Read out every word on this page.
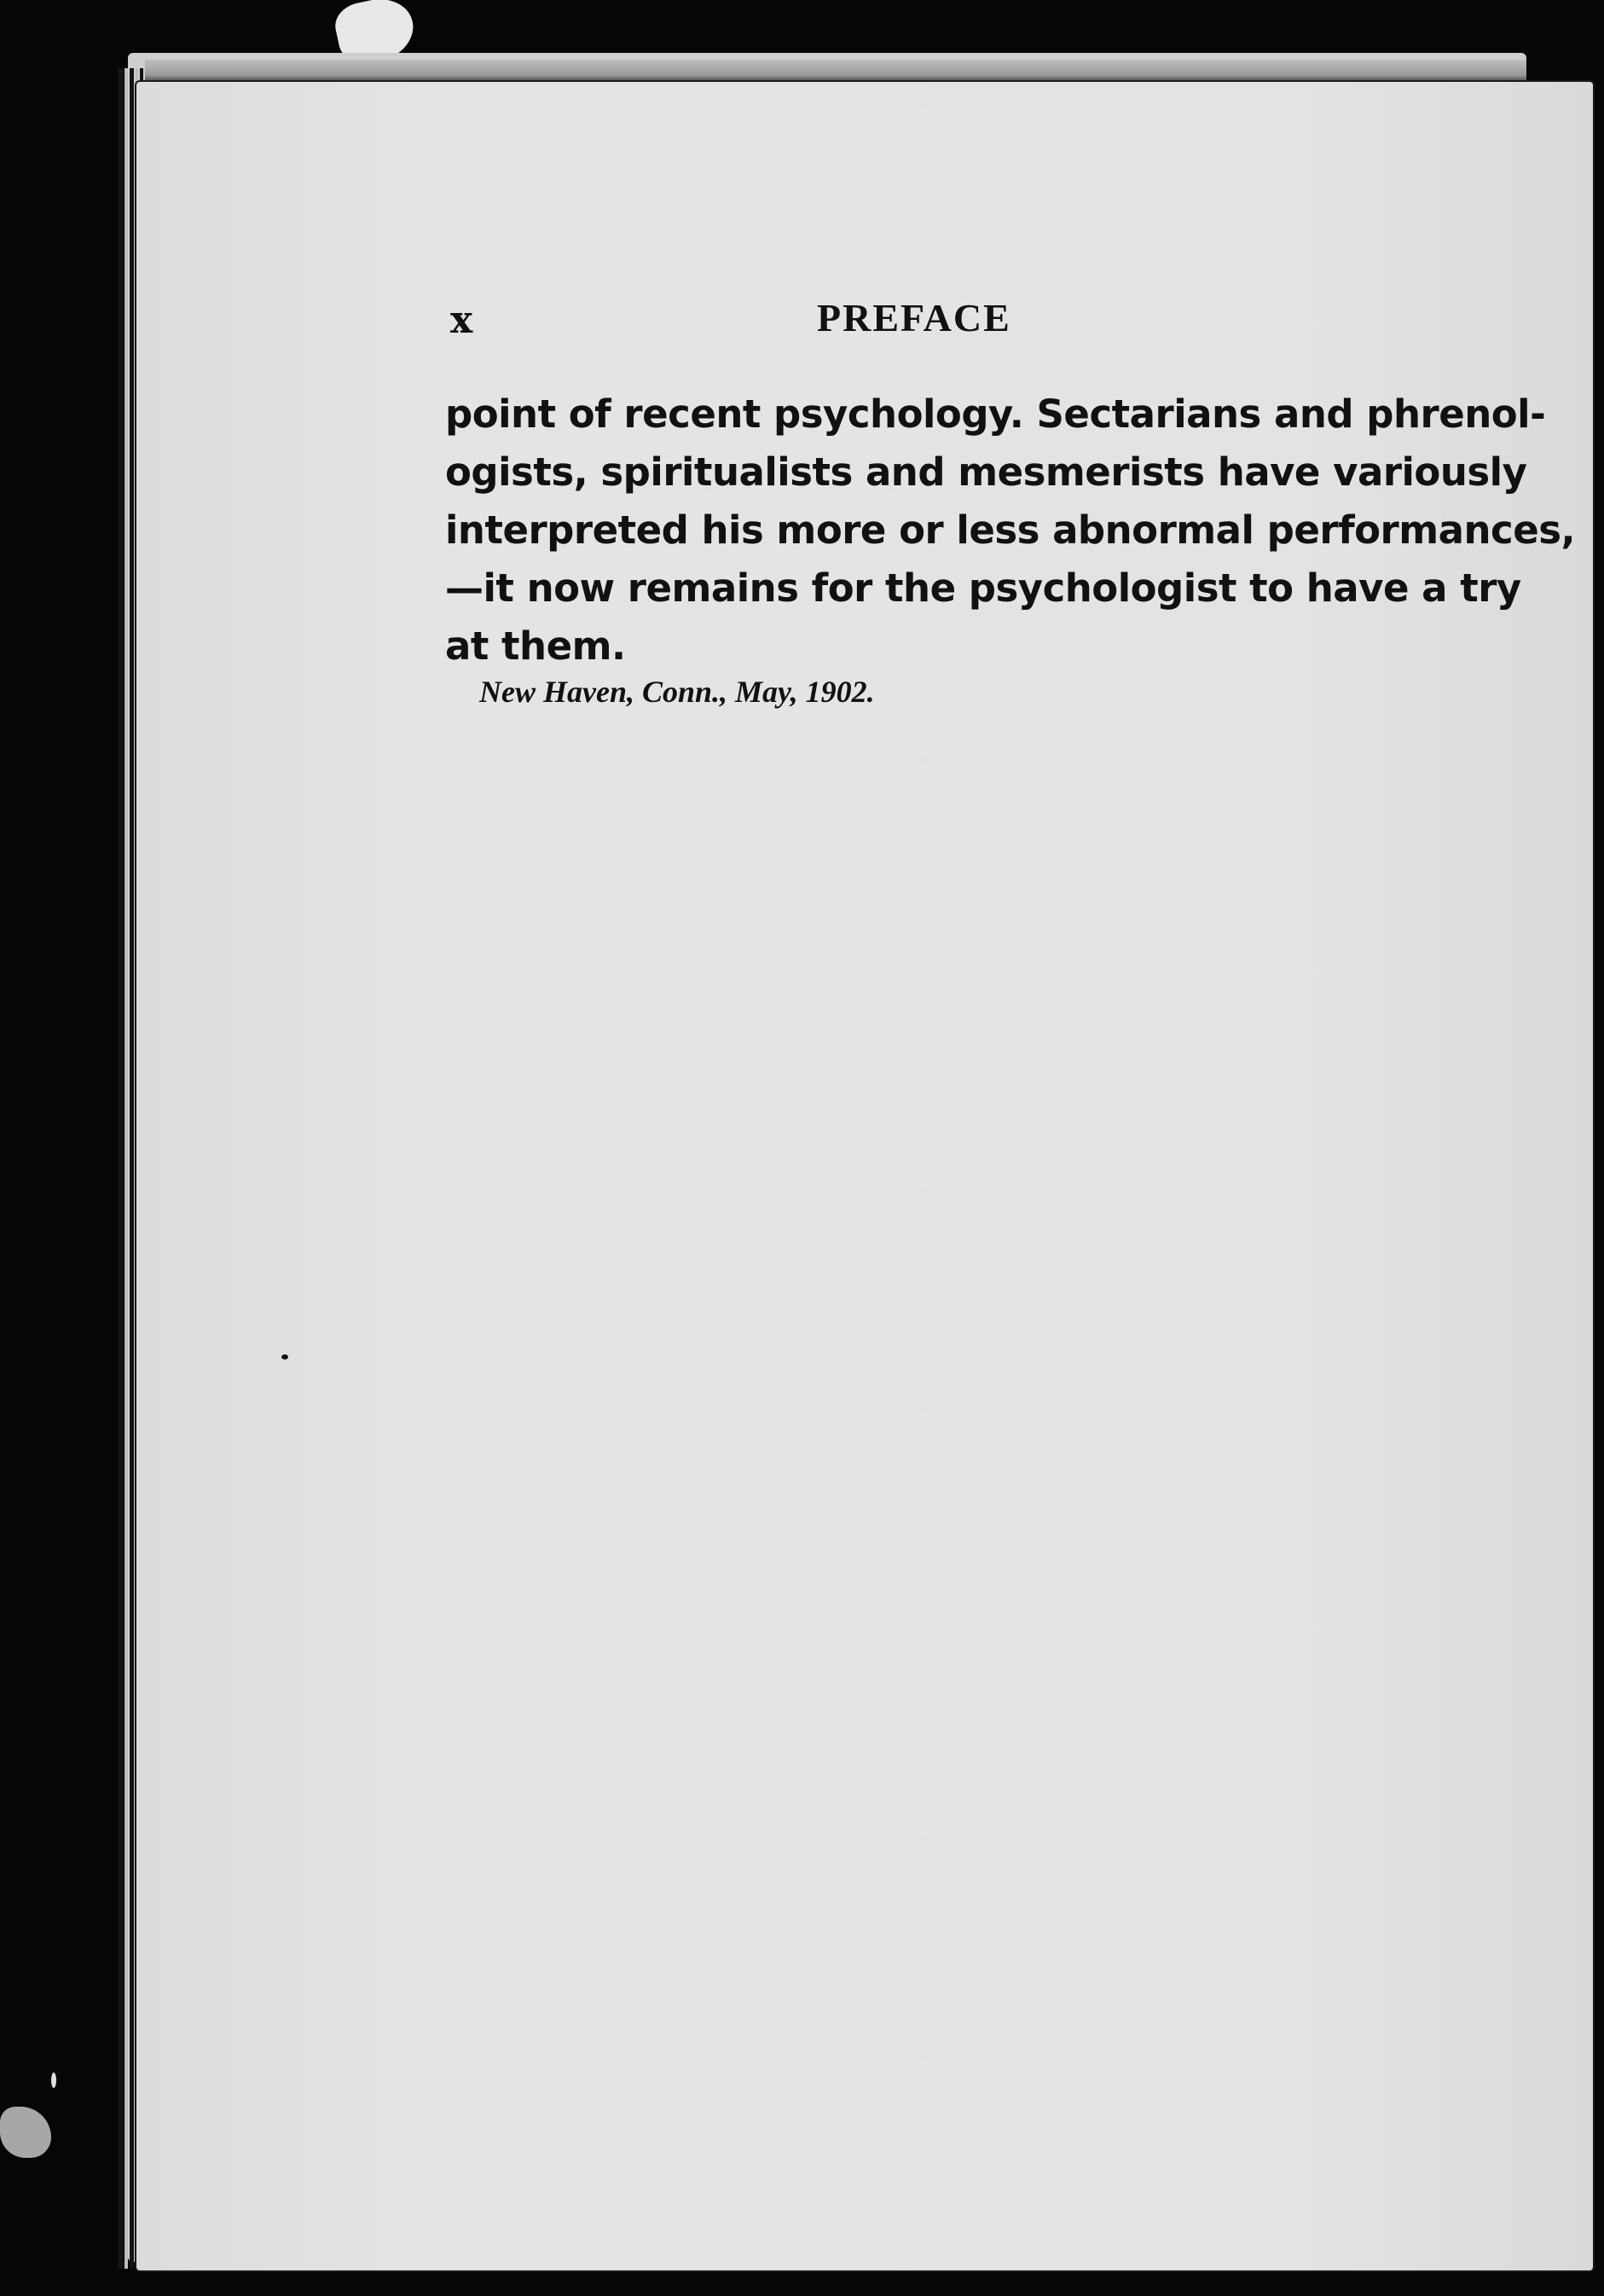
x	PREFACE
point of recent psychology. Sectarians and phrenol-
ogists, spiritualists and mesmerists have variously
interpreted his more or less abnormal performances,
—it now remains for the psychologist to have a try
at them.
New Haven, Conn., May, 1902.
